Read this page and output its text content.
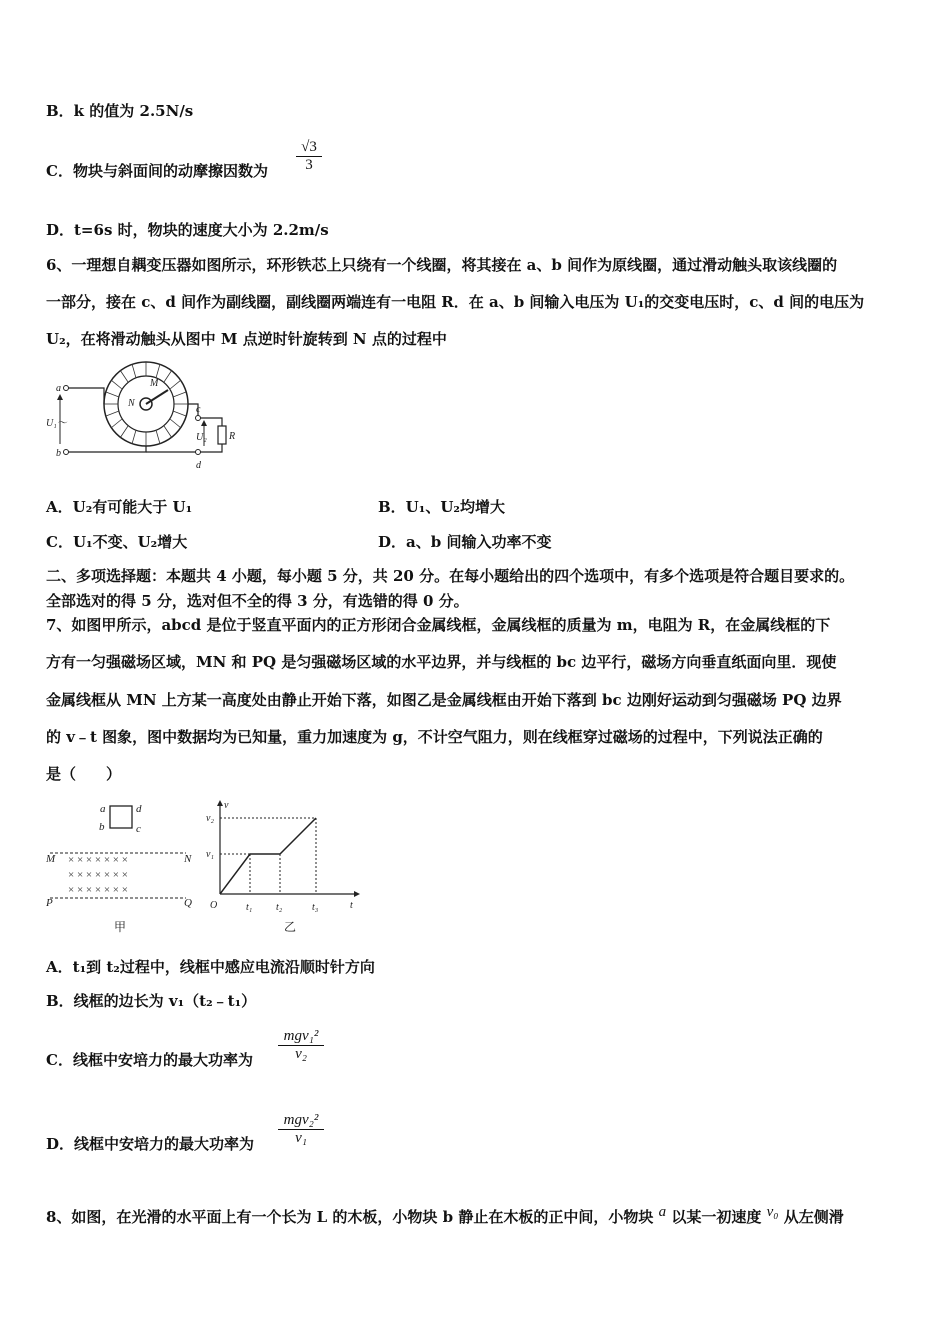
B．k 的值为 2.5N/s
C．物块与斜面间的动摩擦因数为 $\frac{√3}{3}$
D．t=6s 时，物块的速度大小为 2.2m/s
6、一理想自耦变压器如图所示，环形铁芯上只绕有一个线圈，将其接在 a、b 间作为原线圈，通过滑动触头取该线圈的
一部分，接在 c、d 间作为副线圈，副线圈两端连有一电阻 R．在 a、b 间输入电压为 U₁的交变电压时，c、d 间的电压为
U₂，在将滑动触头从图中 M 点逆时针旋转到 N 点的过程中
a
b
c
d
M
N
U₁～
U₂ R
A．U₂有可能大于 U₁	B．U₁、U₂均增大
C．U₁不变、U₂增大	D．a、b 间输入功率不变
二、多项选择题：本题共 4 小题，每小题 5 分，共 20 分。在每小题给出的四个选项中，有多个选项是符合题目要求的。
全部选对的得 5 分，选对但不全的得 3 分，有选错的得 0 分。
7、如图甲所示，abcd 是位于竖直平面内的正方形闭合金属线框，金属线框的质量为 m，电阻为 R，在金属线框的下
方有一匀强磁场区域，MN 和 PQ 是匀强磁场区域的水平边界，并与线框的 bc 边平行，磁场方向垂直纸面向里．现使
金属线框从 MN 上方某一高度处由静止开始下落，如图乙是金属线框由开始下落到 bc 边刚好运动到匀强磁场 PQ 边界
的 v﹣t 图象，图中数据均为已知量，重力加速度为 g，不计空气阻力，则在线框穿过磁场的过程中，下列说法正确的
是（　　）
× × × × × × ×
× × × × × × ×
× × × × × × ×
a
b	c
d
M	N
P	Q
甲
v
v₂
v₁
O	t₁ t₂	t₃	t
乙
A．t₁到 t₂过程中，线框中感应电流沿顺时针方向
B．线框的边长为 v₁（t₂﹣t₁）
C．线框中安培力的最大功率为
mgv₁²
v₂
D．线框中安培力的最大功率为
mgv₂²
v₁
8、如图，在光滑的水平面上有一个长为 L 的木板，小物块 b 静止在木板的正中间，小物块 a 以某一初速度 v₀ 从左侧滑
